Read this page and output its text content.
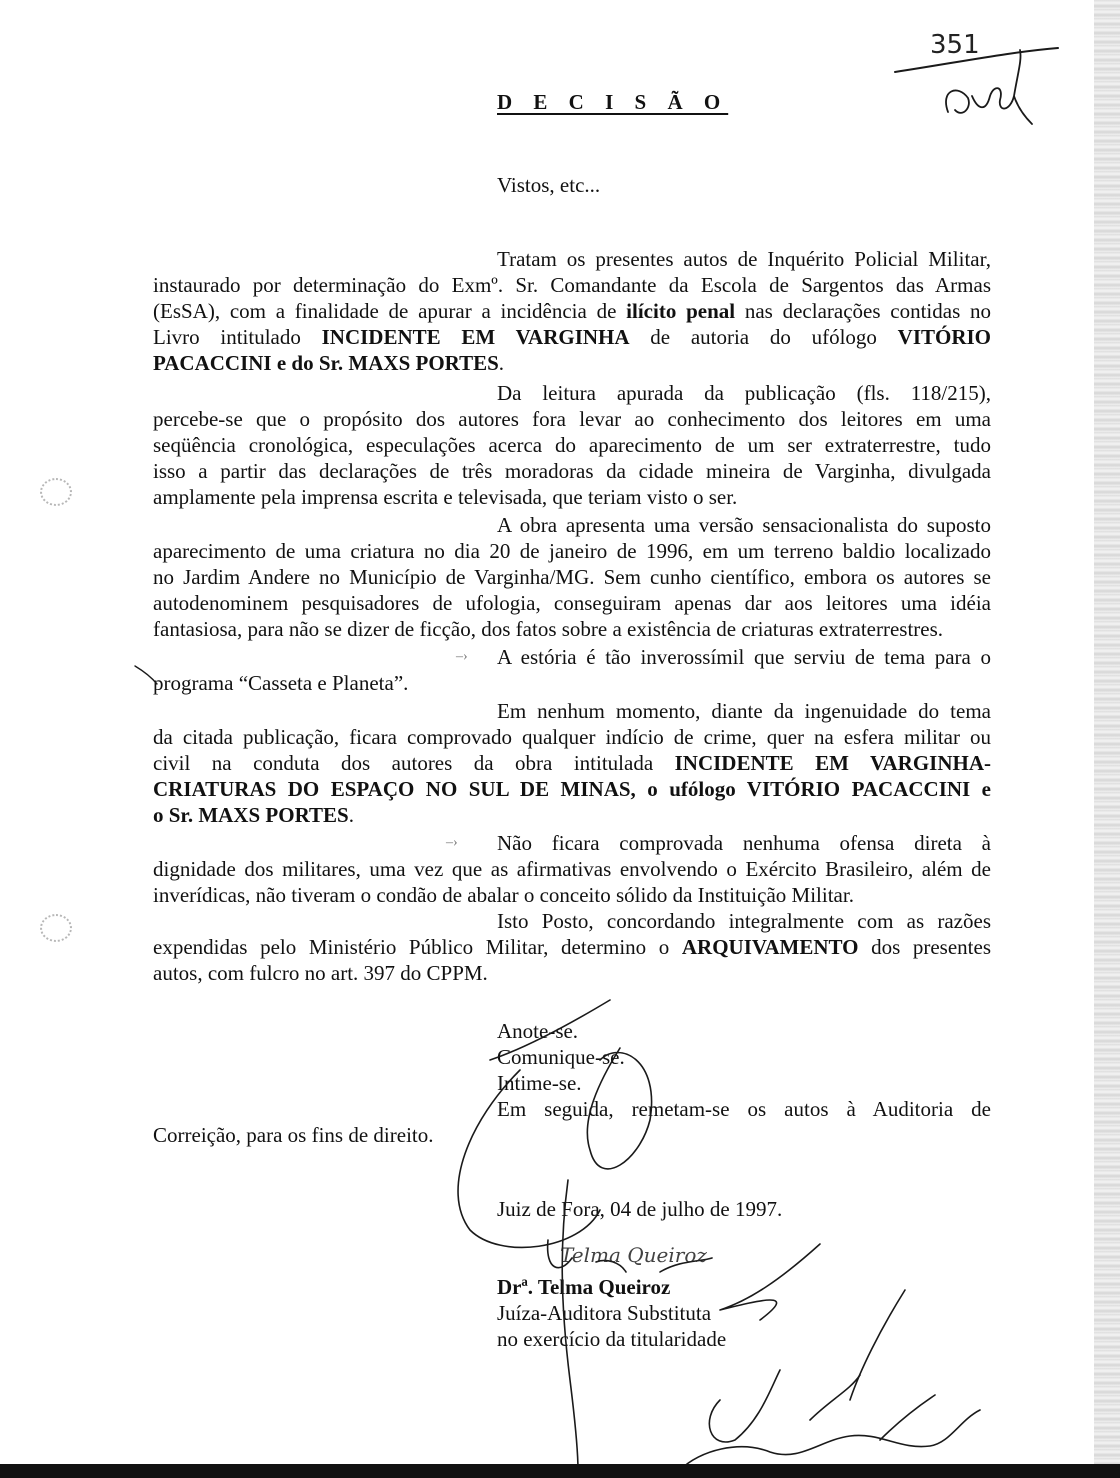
351
D E C I S Ã O

Vistos, etc...

Tratam os presentes autos de Inquérito Policial Militar,

instaurado por determinação do Exmº. Sr. Comandante da Escola de Sargentos das Armas

(EsSA), com a finalidade de apurar a incidência de ilícito penal nas declarações contidas no

Livro intitulado INCIDENTE EM VARGINHA de autoria do ufólogo VITÓRIO

PACACCINI e do Sr. MAXS PORTES.

Da leitura apurada da publicação (fls. 118/215),

percebe-se que o propósito dos autores fora levar ao conhecimento dos leitores em uma

seqüência cronológica, especulações acerca do aparecimento de um ser extraterrestre, tudo

isso a partir das declarações de três moradoras da cidade mineira de Varginha, divulgada

amplamente pela imprensa escrita e televisada, que teriam visto o ser.

A obra apresenta uma versão sensacionalista do suposto

aparecimento de uma criatura no dia 20 de janeiro de 1996, em um terreno baldio localizado

no Jardim Andere no Município de Varginha/MG. Sem cunho científico, embora os autores se

autodenominem pesquisadores de ufologia, conseguiram apenas dar aos leitores uma idéia

fantasiosa, para não se dizer de ficção, dos fatos sobre a existência de criaturas extraterrestres.

–› A estória é tão inverossímil que serviu de tema para o

programa “Casseta e Planeta”.

Em nenhum momento, diante da ingenuidade do tema

da citada publicação, ficara comprovado qualquer indício de crime, quer na esfera militar ou

civil na conduta dos autores da obra intitulada INCIDENTE EM VARGINHA-

CRIATURAS DO ESPAÇO NO SUL DE MINAS, o ufólogo VITÓRIO PACACCINI e

o Sr. MAXS PORTES.

–› Não ficara comprovada nenhuma ofensa direta à

dignidade dos militares, uma vez que as afirmativas envolvendo o Exército Brasileiro, além de

inverídicas, não tiveram o condão de abalar o conceito sólido da Instituição Militar.

Isto Posto, concordando integralmente com as razões

expendidas pelo Ministério Público Militar, determino o ARQUIVAMENTO dos presentes

autos, com fulcro no art. 397 do CPPM.

Anote-se.

Comunique-se.

Intime-se.

Em seguida, remetam-se os autos à Auditoria de

Correição, para os fins de direito.

Juiz de Fora, 04 de julho de 1997.

Drª. Telma Queiroz

Juíza-Auditora Substituta

no exercício da titularidade

Telma Queiroz
